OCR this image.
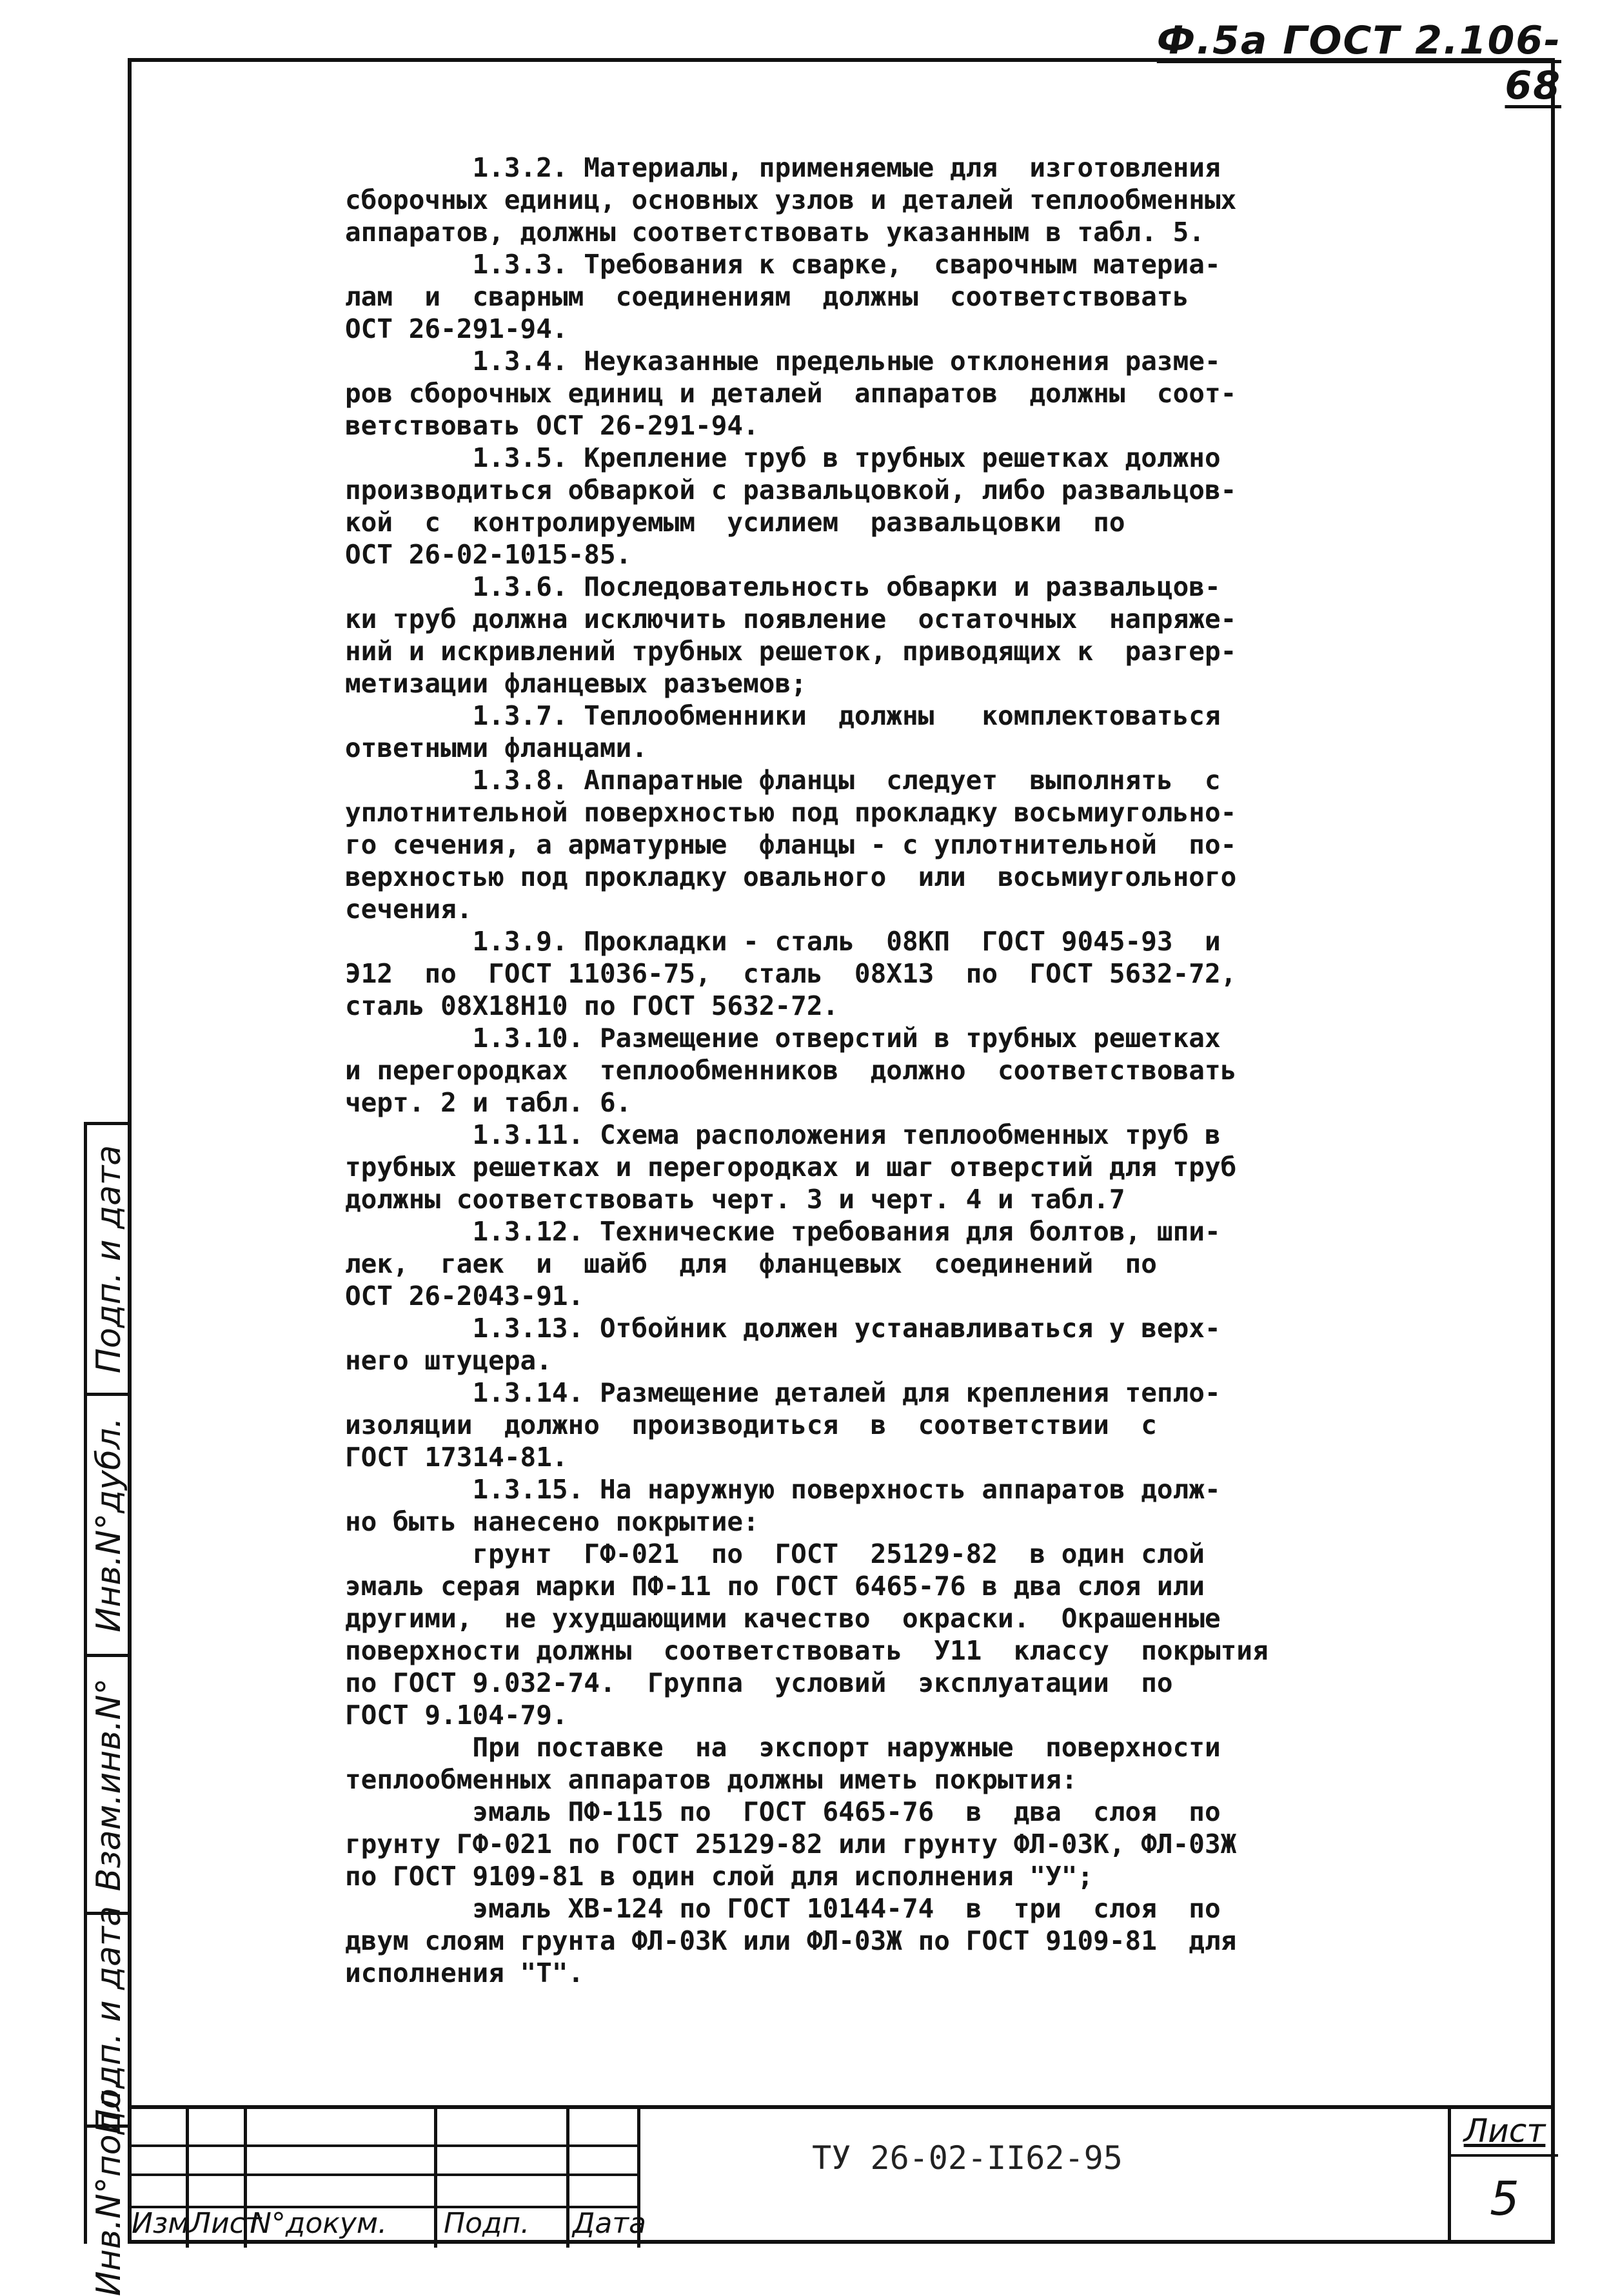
Ф.5а ГОСТ 2.106-68
1.3.2. Материалы, применяемые для  изготовления
сборочных единиц, основных узлов и деталей теплообменных
аппаратов, должны соответствовать указанным в табл. 5.
1.3.3. Требования к сварке,  сварочным материа-
лам  и  сварным  соединениям  должны  соответствовать
ОСТ 26-291-94.
1.3.4. Неуказанные предельные отклонения разме-
ров сборочных единиц и деталей  аппаратов  должны  соот-
ветствовать ОСТ 26-291-94.
1.3.5. Крепление труб в трубных решетках должно
производиться обваркой с развальцовкой, либо развальцов-
кой  с  контролируемым  усилием  развальцовки  по
ОСТ 26-02-1015-85.
1.3.6. Последовательность обварки и развальцов-
ки труб должна исключить появление  остаточных  напряже-
ний и искривлений трубных решеток, приводящих к  разгер-
метизации фланцевых разъемов;
1.3.7. Теплообменники  должны   комплектоваться
ответными фланцами.
1.3.8. Аппаратные фланцы  следует  выполнять  с
уплотнительной поверхностью под прокладку восьмиугольно-
го сечения, а арматурные  фланцы - с уплотнительной  по-
верхностью под прокладку овального  или  восьмиугольного
сечения.
1.3.9. Прокладки - сталь  08КП  ГОСТ 9045-93  и
Э12  по  ГОСТ 11036-75,  сталь  08Х13  по  ГОСТ 5632-72,
сталь 08Х18Н10 по ГОСТ 5632-72.
1.3.10. Размещение отверстий в трубных решетках
и перегородках  теплообменников  должно  соответствовать
черт. 2 и табл. 6.
1.3.11. Схема расположения теплообменных труб в
трубных решетках и перегородках и шаг отверстий для труб
должны соответствовать черт. 3 и черт. 4 и табл.7
1.3.12. Технические требования для болтов, шпи-
лек,  гаек  и  шайб  для  фланцевых  соединений  по
ОСТ 26-2043-91.
1.3.13. Отбойник должен устанавливаться у верх-
него штуцера.
1.3.14. Размещение деталей для крепления тепло-
изоляции  должно  производиться  в  соответствии  с
ГОСТ 17314-81.
1.3.15. На наружную поверхность аппаратов долж-
но быть нанесено покрытие:
грунт  ГФ-021  по  ГОСТ  25129-82  в один слой
эмаль серая марки ПФ-11 по ГОСТ 6465-76 в два слоя или
другими,  не ухудшающими качество  окраски.  Окрашенные
поверхности должны  соответствовать  У11  классу  покрытия
по ГОСТ 9.032-74.  Группа  условий  эксплуатации  по
ГОСТ 9.104-79.
При поставке  на  экспорт наружные  поверхности
теплообменных аппаратов должны иметь покрытия:
эмаль ПФ-115 по  ГОСТ 6465-76  в  два  слоя  по
грунту ГФ-021 по ГОСТ 25129-82 или грунту ФЛ-03К, ФЛ-03Ж
по ГОСТ 9109-81 в один слой для исполнения "У";
эмаль ХВ-124 по ГОСТ 10144-74  в  три  слоя  по
двум слоям грунта ФЛ-03К или ФЛ-03Ж по ГОСТ 9109-81  для
исполнения "Т".
Подп. и дата
Инв.N°дубл.
Взам.инв.N°
Подп. и дата
Инв.N°подл. Изм Лист
N°докум. Подп. Дата
ТУ 26-02-II62-95
Лист
5
